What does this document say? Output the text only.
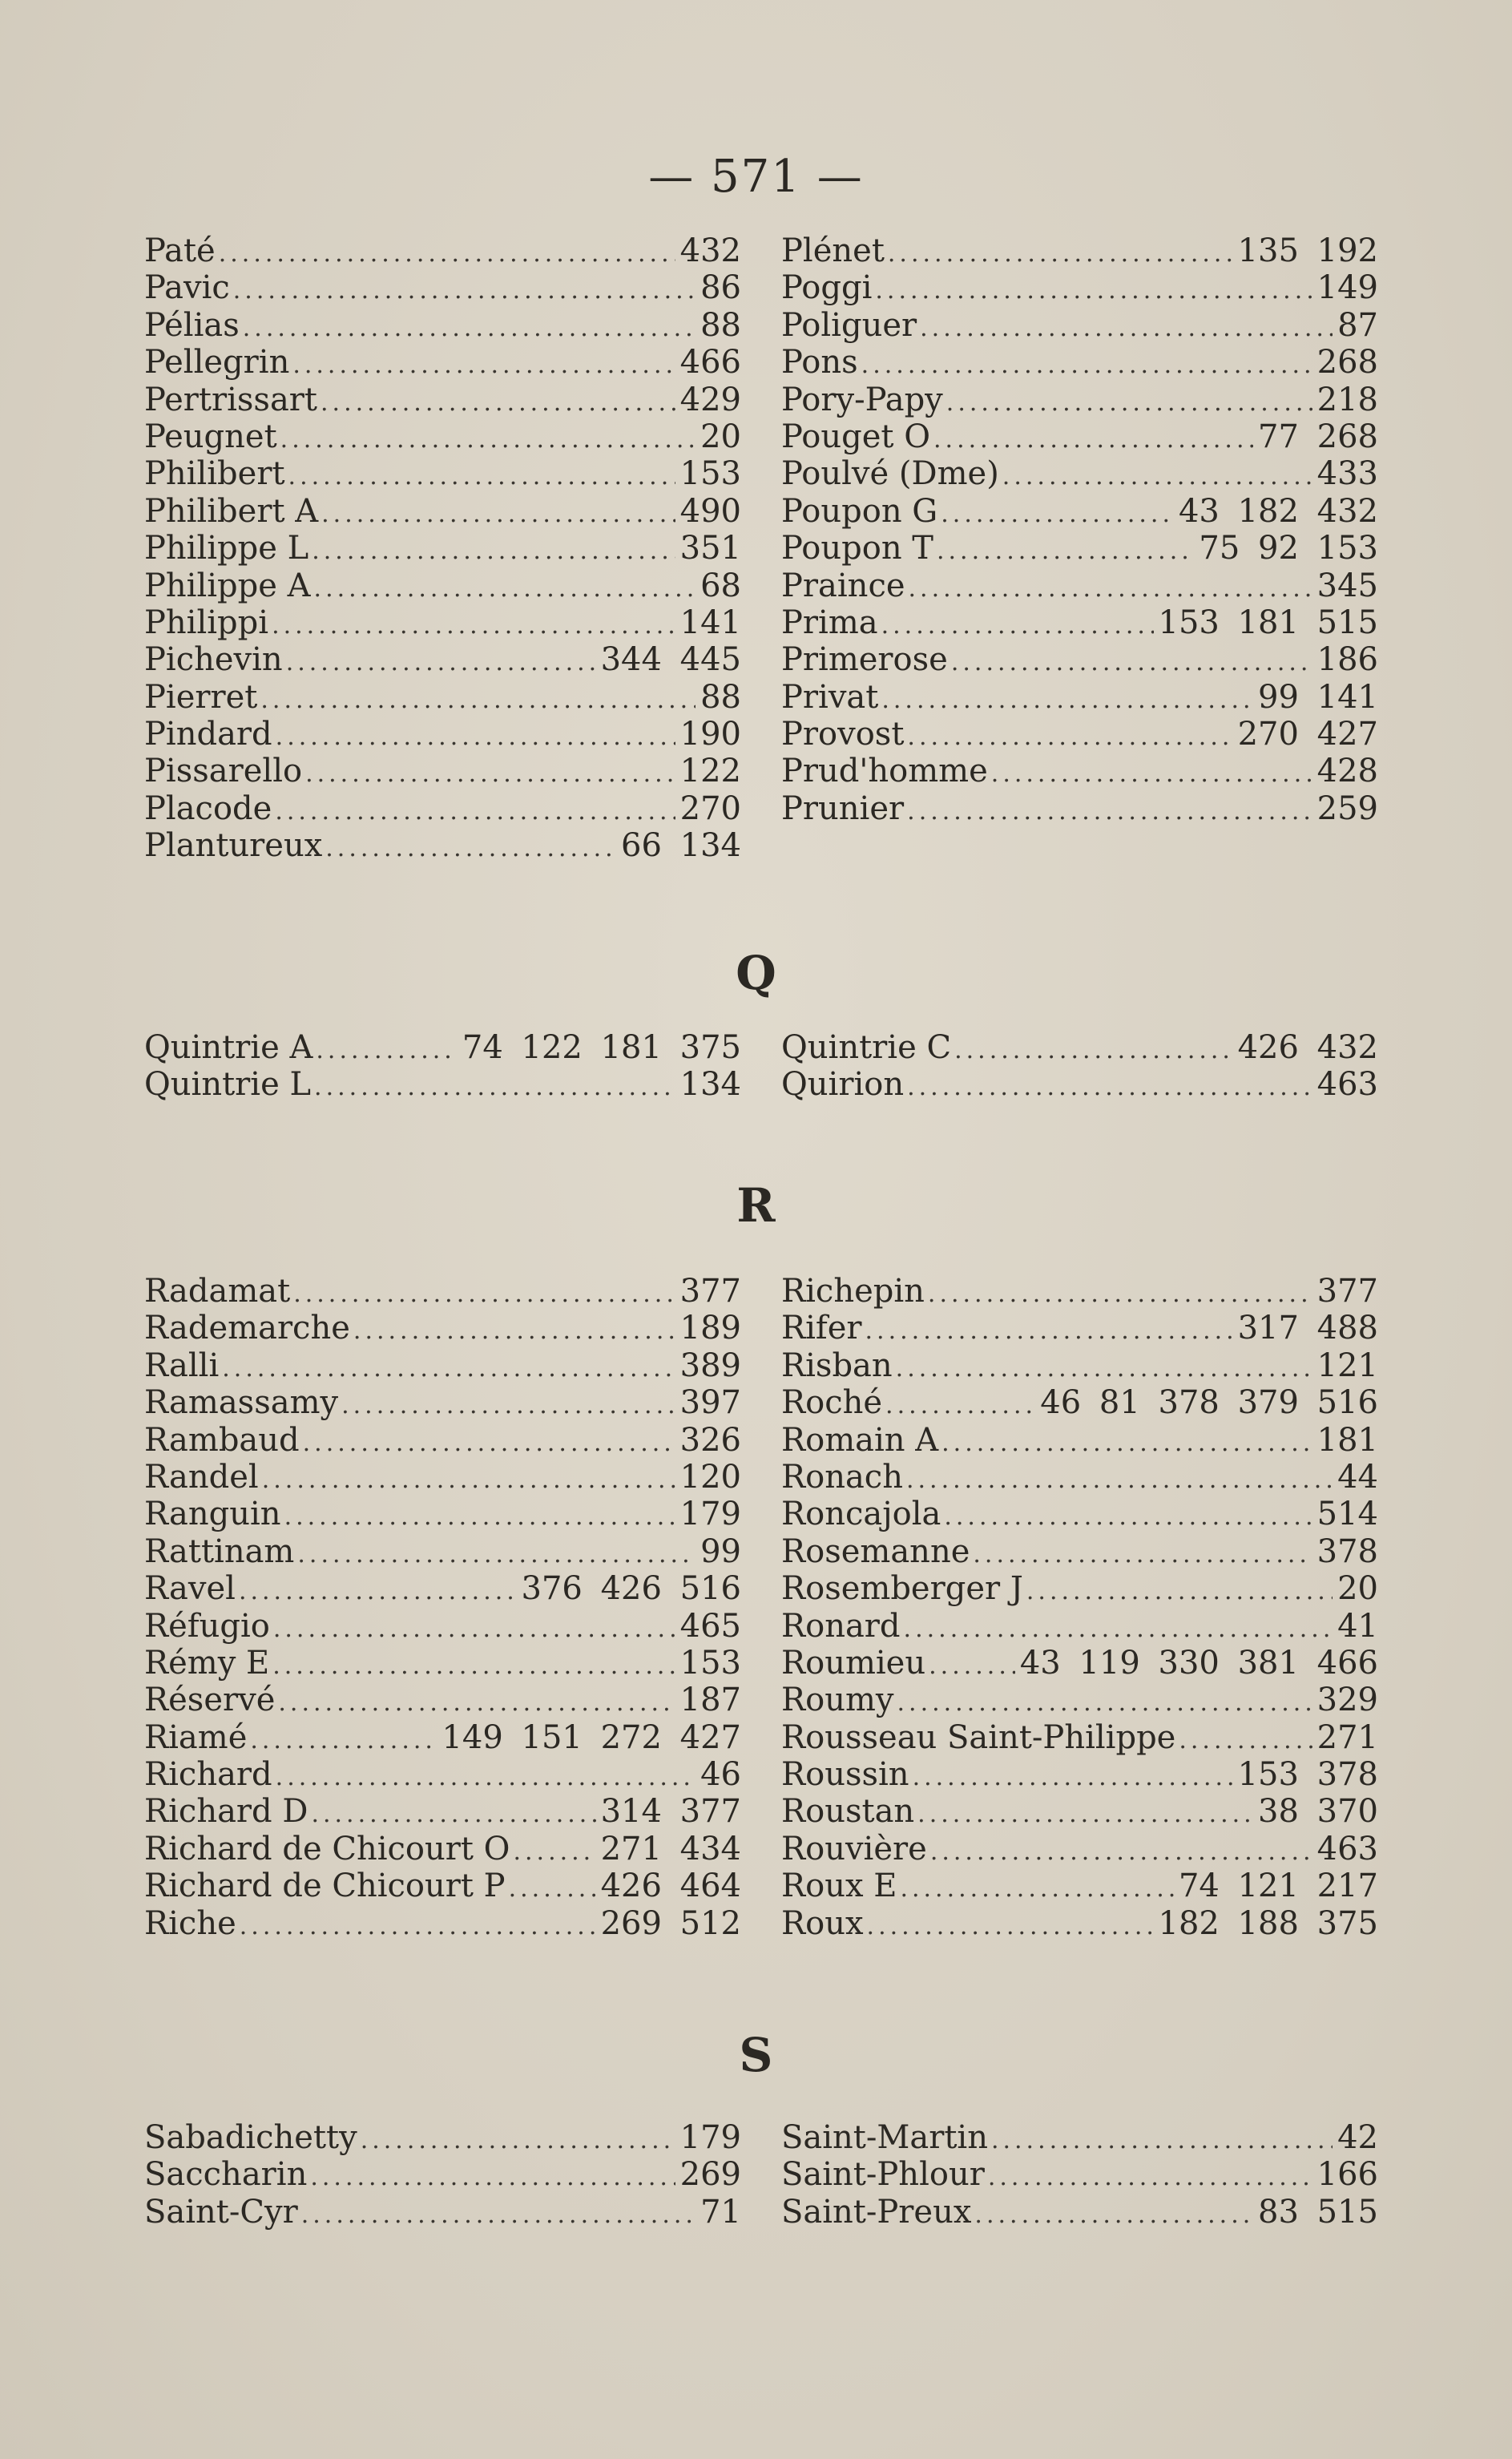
— 571 —
Paté .....	432
Pavic .....	86
Pélias .....	88
Pellegrin .....	466
Pertrissart .....	429
Peugnet .....	20
Philibert .....	153
Philibert A .....	490
Philippe L .....	351
Philippe A .....	68
Philippi .....	141
Pichevin .....	344 445
Pierret .....	88
Pindard .....	190
Pissarello .....	122
Placode .....	270
Plantureux .....	66 134
Plénet .....	135 192
Poggi .....	149
Poliguer .....	87
Pons .....	268
Pory-Papy .....	218
Pouget O .....	77 268
Poulvé (Dme) .....	433
Poupon G .....	43 182 432
Poupon T .....	75 92 153
Praince .....	345
Prima .....	153 181 515
Primerose .....	186
Privat .....	99 141
Provost .....	270 427
Prud'homme .....	428
Prunier .....	259
Q
Quintrie A .....	74 122 181 375
Quintrie L .....	134
Quintrie C .....	426 432
Quirion .....	463
R
Radamat .....	377
Rademarche .....	189
Ralli .....	389
Ramassamy .....	397
Rambaud .....	326
Randel .....	120
Ranguin .....	179
Rattinam .....	99
Ravel .....	376 426 516
Réfugio .....	465
Rémy E .....	153
Réservé .....	187
Riamé .....	149 151 272 427
Richard .....	46
Richard D .....	314 377
Richard de Chicourt O .....	271 434
Richard de Chicourt P .....	426 464
Riche .....	269 512
Richepin .....	377
Rifer .....	317 488
Risban .....	121
Roché .....	46 81 378 379 516
Romain A .....	181
Ronach .....	44
Roncajola .....	514
Rosemanne .....	378
Rosemberger J .....	20
Ronard .....	41
Roumieu .....	43 119 330 381 466
Roumy .....	329
Rousseau Saint-Philippe .....	271
Roussin .....	153 378
Roustan .....	38 370
Rouvière .....	463
Roux E .....	74 121 217
Roux .....	182 188 375
S
Sabadichetty .....	179
Saccharin .....	269
Saint-Cyr .....	71
Saint-Martin .....	42
Saint-Phlour .....	166
Saint-Preux .....	83 515
